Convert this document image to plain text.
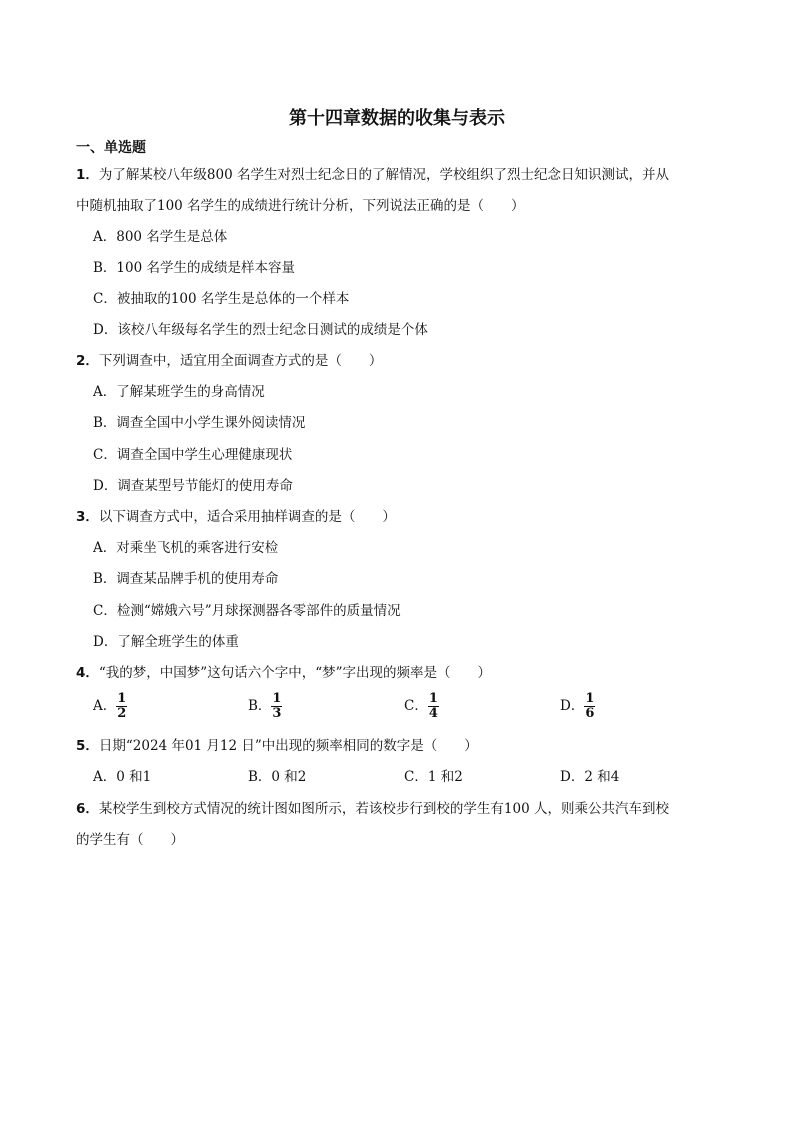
第十四章数据的收集与表示
一、单选题
1．为了解某校八年级800 名学生对烈士纪念日的了解情况，学校组织了烈士纪念日知识测试，并从
中随机抽取了100 名学生的成绩进行统计分析，下列说法正确的是（　　）
A．800 名学生是总体
B．100 名学生的成绩是样本容量
C．被抽取的100 名学生是总体的一个样本
D．该校八年级每名学生的烈士纪念日测试的成绩是个体
2．下列调查中，适宜用全面调查方式的是（　　）
A．了解某班学生的身高情况
B．调查全国中小学生课外阅读情况
C．调查全国中学生心理健康现状
D．调查某型号节能灯的使用寿命
3．以下调查方式中，适合采用抽样调查的是（　　）
A．对乘坐飞机的乘客进行安检
B．调查某品牌手机的使用寿命
C．检测“嫦娥六号”月球探测器各零部件的质量情况
D．了解全班学生的体重
4．“我的梦，中国梦”这句话六个字中，“梦”字出现的频率是（　　）
A． $\frac{1}{2}$	B． $\frac{1}{3}$	C． $\frac{1}{4}$	D． $\frac{1}{6}$
5．日期“2024 年01 月12 日”中出现的频率相同的数字是（　　）
A．0 和1	B．0 和2	C．1 和2	D．2 和4
6．某校学生到校方式情况的统计图如图所示，若该校步行到校的学生有100 人，则乘公共汽车到校
的学生有（　　）
